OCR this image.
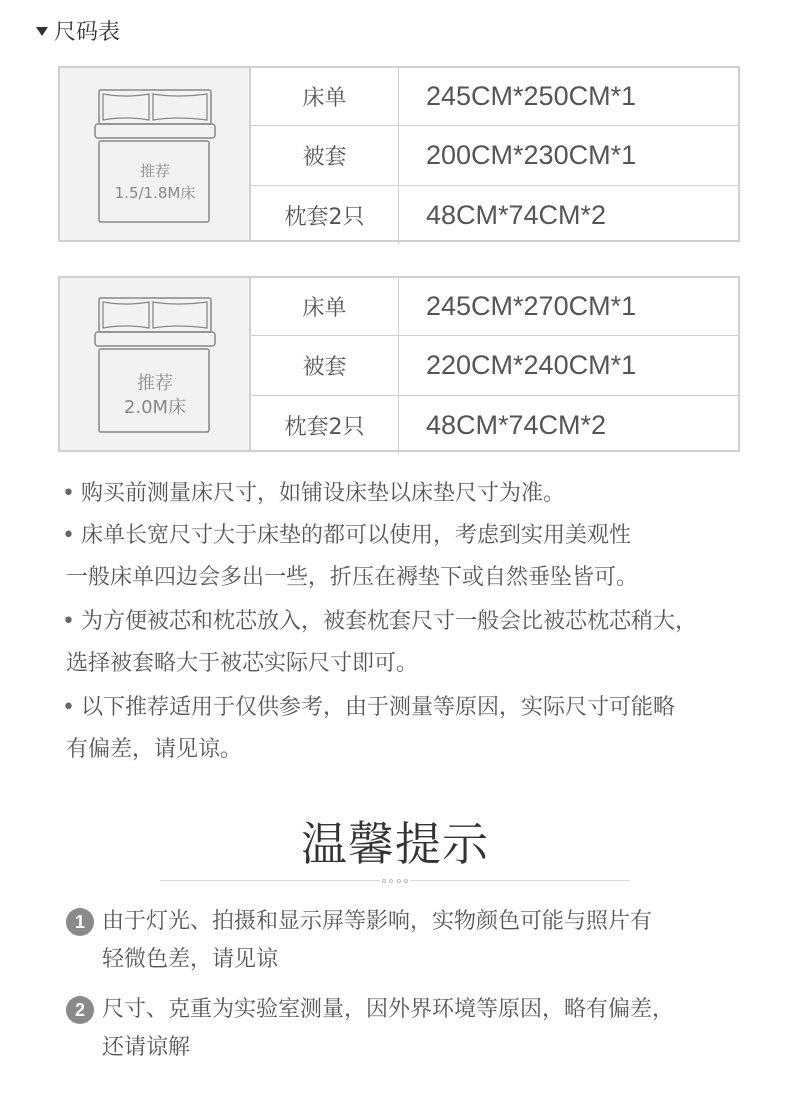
尺码表
推荐
1.5/1.8M床
床单	245CM*250CM*1
被套	200CM*230CM*1
枕套2只	48CM*74CM*2
推荐
2.0M床
床单	245CM*270CM*1
被套	220CM*240CM*1
枕套2只	48CM*74CM*2
• 购买前测量床尺寸，如铺设床垫以床垫尺寸为准。
• 床单长宽尺寸大于床垫的都可以使用，考虑到实用美观性
一般床单四边会多出一些，折压在褥垫下或自然垂坠皆可。
• 为方便被芯和枕芯放入，被套枕套尺寸一般会比被芯枕芯稍大，
选择被套略大于被芯实际尺寸即可。
• 以下推荐适用于仅供参考，由于测量等原因，实际尺寸可能略
有偏差，请见谅。
温馨提示
1 由于灯光、拍摄和显示屏等影响，实物颜色可能与照片有
轻微色差，请见谅
2 尺寸、克重为实验室测量，因外界环境等原因，略有偏差，
还请谅解
